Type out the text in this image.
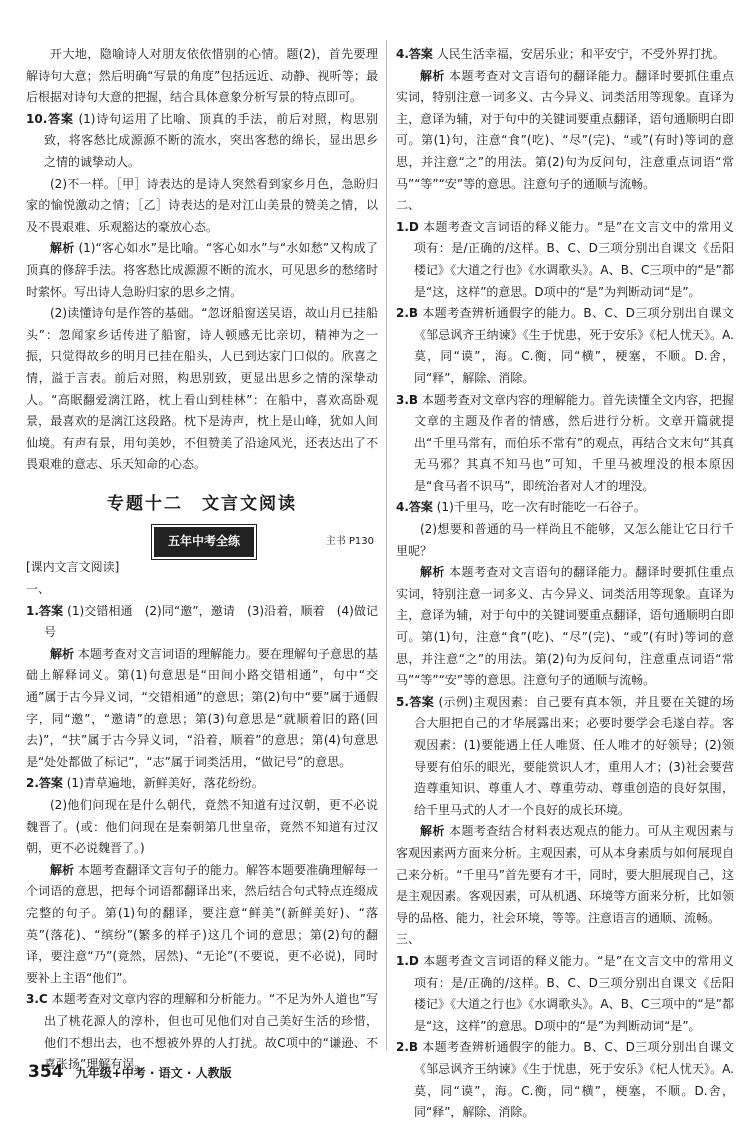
开大地，隐喻诗人对朋友依依惜别的心情。题(2)，首先要理解诗句大意；然后明确“写景的角度”包括远近、动静、视听等；最后根据对诗句大意的把握，结合具体意象分析写景的特点即可。

10.答案 (1)诗句运用了比喻、顶真的手法，前后对照，构思别致，将客愁比成源源不断的流水，突出客愁的绵长，显出思乡之情的诚挚动人。

(2)不一样。［甲］诗表达的是诗人突然看到家乡月色，急盼归家的愉悦激动之情；［乙］诗表达的是对江山美景的赞美之情，以及不畏艰难、乐观豁达的豪放心态。

解析 (1)“客心如水”是比喻。“客心如水”与“水如愁”又构成了顶真的修辞手法。将客愁比成源源不断的流水，可见思乡的愁绪时时萦怀。写出诗人急盼归家的思乡之情。

(2)读懂诗句是作答的基础。“忽讶船窗送吴语，故山月已挂船头”：忽闻家乡话传进了船窗，诗人顿感无比亲切，精神为之一振，只觉得故乡的明月已挂在船头，人已到达家门口似的。欣喜之情，溢于言表。前后对照，构思别致，更显出思乡之情的深挚动人。“高眠翻爱漓江路，枕上看山到桂林”：在船中，喜欢高卧观景，最喜欢的是漓江这段路。枕下是涛声，枕上是山峰，犹如人间仙境。有声有景，用句美妙，不但赞美了沿途风光，还表达出了不畏艰难的意志、乐天知命的心态。

专题十二　文言文阅读
五年中考全练	主书 P130

[课内文言文阅读]

一、

1.答案 (1)交错相通　(2)同“邀”，邀请　(3)沿着，顺着　(4)做记号

解析 本题考查对文言词语的理解能力。要在理解句子意思的基础上解释词义。第(1)句意思是“田间小路交错相通”，句中“交通”属于古今异义词，“交错相通”的意思；第(2)句中“要”属于通假字，同“邀”，“邀请”的意思；第(3)句意思是“就顺着旧的路(回去)”，“扶”属于古今异义词，“沿着，顺着”的意思；第(4)句意思是“处处都做了标记”，“志”属于词类活用，“做记号”的意思。

2.答案 (1)青草遍地，新鲜美好，落花纷纷。

(2)他们问现在是什么朝代，竟然不知道有过汉朝，更不必说魏晋了。(或：他们问现在是秦朝第几世皇帝，竟然不知道有过汉朝，更不必说魏晋了。)

解析 本题考查翻译文言句子的能力。解答本题要准确理解每一个词语的意思，把每个词语都翻译出来，然后结合句式特点连缀成完整的句子。第(1)句的翻译，要注意“鲜美”(新鲜美好)、“落英”(落花)、“缤纷”(繁多的样子)这几个词的意思；第(2)句的翻译，要注意“乃”(竟然，居然)、“无论”(不要说，更不必说)，同时要补上主语“他们”。

3.C 本题考查对文章内容的理解和分析能力。“不足为外人道也”写出了桃花源人的淳朴，但也可见他们对自己美好生活的珍惜，他们不想出去，也不想被外界的人打扰。故C项中的“谦逊、不喜张扬”理解有误。

4.答案 人民生活幸福，安居乐业；和平安宁，不受外界打扰。

解析 本题考查对文言语句的翻译能力。翻译时要抓住重点实词，特别注意一词多义、古今异义、词类活用等现象。直译为主，意译为辅，对于句中的关键词要重点翻译，语句通顺明白即可。第(1)句，注意“食”(吃)、“尽”(完)、“或”(有时)等词的意思，并注意“之”的用法。第(2)句为反问句，注意重点词语“常马”“等”“安”等的意思。注意句子的通顺与流畅。

二、

1.D 本题考查文言词语的释义能力。“是”在文言文中的常用义项有：是/正确的/这样。B、C、D三项分别出自课文《岳阳楼记》《大道之行也》《水调歌头》。A、B、C三项中的“是”都是“这，这样”的意思。D项中的“是”为判断动词“是”。

2.B 本题考查辨析通假字的能力。B、C、D三项分别出自课文《邹忌讽齐王纳谏》《生于忧患，死于安乐》《杞人忧天》。A.莫，同“谟”，海。C.衡，同“横”，梗塞，不顺。D.舍，同“释”，解除、消除。

3.B 本题考查对文章内容的理解能力。首先读懂全文内容，把握文章的主题及作者的情感，然后进行分析。文章开篇就提出“千里马常有，而伯乐不常有”的观点，再结合文末句“其真无马邪？其真不知马也”可知，千里马被埋没的根本原因是“食马者不识马”，即统治者对人才的埋没。

4.答案 (1)千里马，吃一次有时能吃一石谷子。

(2)想要和普通的马一样尚且不能够，又怎么能让它日行千里呢？

解析 本题考查对文言语句的翻译能力。翻译时要抓住重点实词，特别注意一词多义、古今异义、词类活用等现象。直译为主，意译为辅，对于句中的关键词要重点翻译，语句通顺明白即可。第(1)句，注意“食”(吃)、“尽”(完)、“或”(有时)等词的意思，并注意“之”的用法。第(2)句为反问句，注意重点词语“常马”“等”“安”等的意思。注意句子的通顺与流畅。

5.答案 (示例)主观因素：自己要有真本领，并且要在关键的场合大胆把自己的才华展露出来；必要时要学会毛遂自荐。客观因素：(1)要能遇上任人唯贤、任人唯才的好领导；(2)领导要有伯乐的眼光，要能赏识人才，重用人才；(3)社会要营造尊重知识、尊重人才、尊重劳动、尊重创造的良好氛围，给千里马式的人才一个良好的成长环境。

解析 本题考查结合材料表达观点的能力。可从主观因素与客观因素两方面来分析。主观因素，可从本身素质与如何展现自己来分析。“千里马”首先要有才干，同时，要大胆展现自己，这是主观因素。客观因素，可从机遇、环境等方面来分析，比如领导的品格、能力，社会环境，等等。注意语言的通顺、流畅。

三、

1.D 本题考查文言词语的释义能力。“是”在文言文中的常用义项有：是/正确的/这样。B、C、D三项分别出自课文《岳阳楼记》《大道之行也》《水调歌头》。A、B、C三项中的“是”都是“这，这样”的意思。D项中的“是”为判断动词“是”。

2.B 本题考查辨析通假字的能力。B、C、D三项分别出自课文《邹忌讽齐王纳谏》《生于忧患，死于安乐》《杞人忧天》。A.莫，同“谟”，海。C.衡，同“横”，梗塞，不顺。D.舍，同“释”，解除、消除。

354 九年级+中考 · 语文 · 人教版
